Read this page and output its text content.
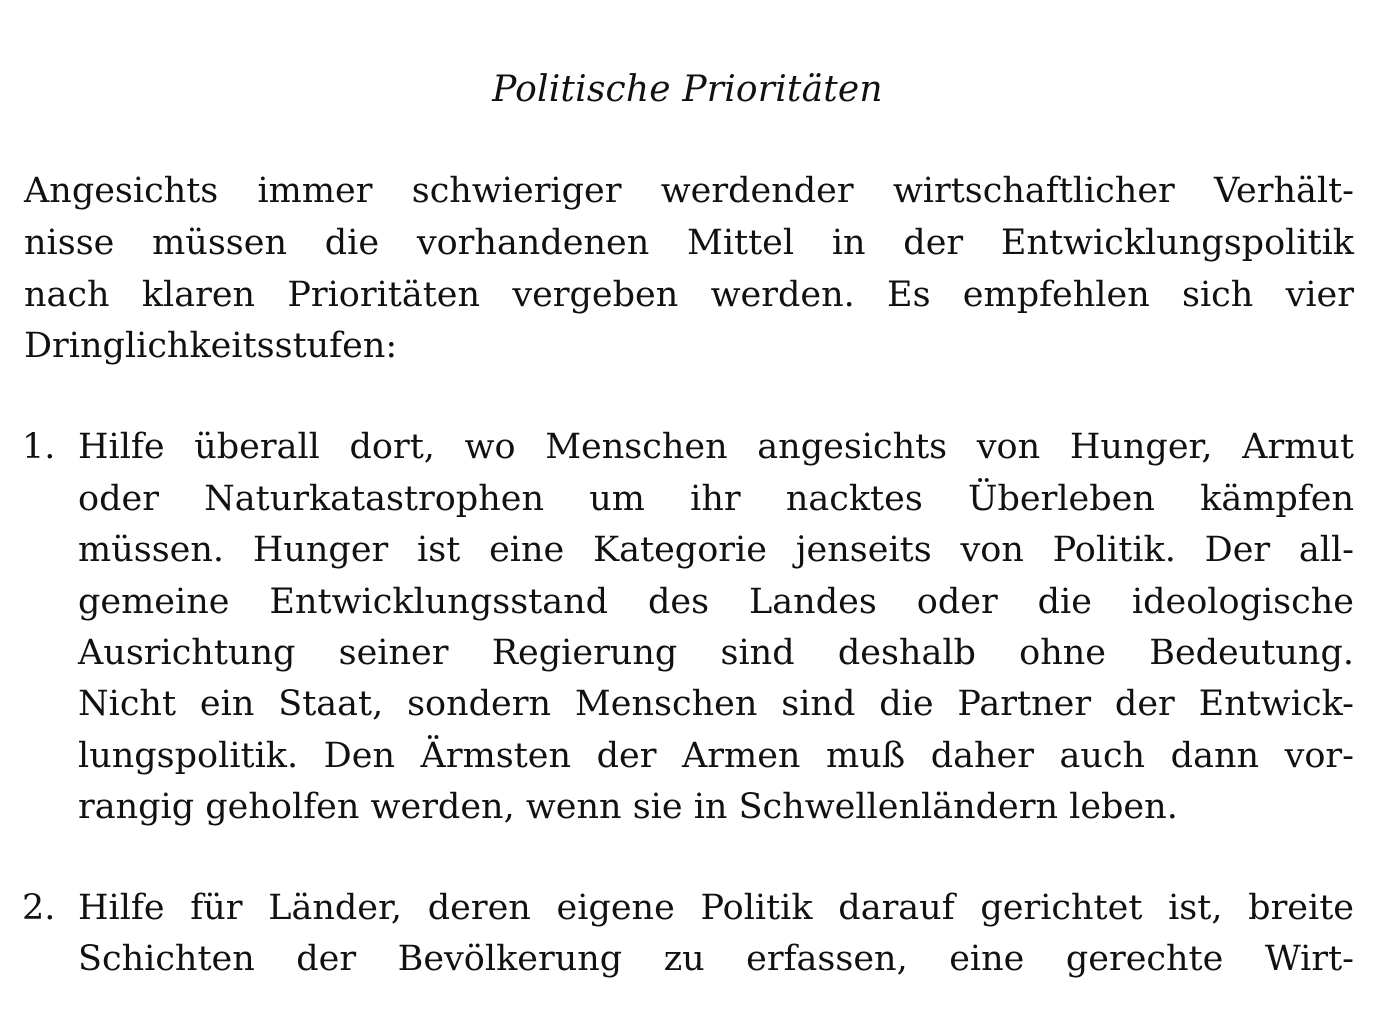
Politische Prioritäten
Angesichts immer schwieriger werdender wirtschaftlicher Verhält-
nisse müssen die vorhandenen Mittel in der Entwicklungspolitik
nach klaren Prioritäten vergeben werden. Es empfehlen sich vier
Dringlichkeitsstufen:
1. Hilfe überall dort, wo Menschen angesichts von Hunger, Armut
oder Naturkatastrophen um ihr nacktes Überleben kämpfen
müssen. Hunger ist eine Kategorie jenseits von Politik. Der all-
gemeine Entwicklungsstand des Landes oder die ideologische
Ausrichtung seiner Regierung sind deshalb ohne Bedeutung.
Nicht ein Staat, sondern Menschen sind die Partner der Entwick-
lungspolitik. Den Ärmsten der Armen muß daher auch dann vor-
rangig geholfen werden, wenn sie in Schwellenländern leben.
2. Hilfe für Länder, deren eigene Politik darauf gerichtet ist, breite
Schichten der Bevölkerung zu erfassen, eine gerechte Wirt-
